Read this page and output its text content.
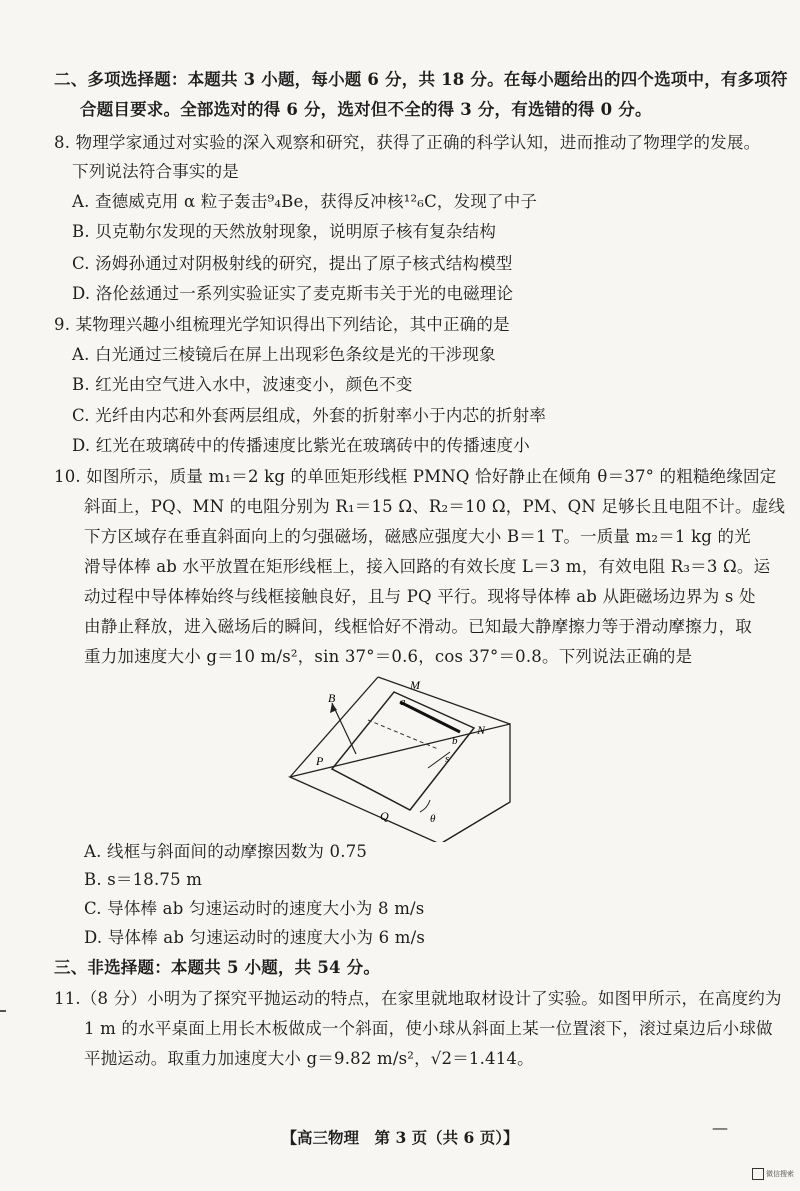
二、多项选择题：本题共 3 小题，每小题 6 分，共 18 分。在每小题给出的四个选项中，有多项符
合题目要求。全部选对的得 6 分，选对但不全的得 3 分，有选错的得 0 分。
8. 物理学家通过对实验的深入观察和研究，获得了正确的科学认知，进而推动了物理学的发展。
下列说法符合事实的是
A. 查德威克用 α 粒子轰击⁹₄Be，获得反冲核¹²₆C，发现了中子
B. 贝克勒尔发现的天然放射现象，说明原子核有复杂结构
C. 汤姆孙通过对阴极射线的研究，提出了原子核式结构模型
D. 洛伦兹通过一系列实验证实了麦克斯韦关于光的电磁理论
9. 某物理兴趣小组梳理光学知识得出下列结论，其中正确的是
A. 白光通过三棱镜后在屏上出现彩色条纹是光的干涉现象
B. 红光由空气进入水中，波速变小，颜色不变
C. 光纤由内芯和外套两层组成，外套的折射率小于内芯的折射率
D. 红光在玻璃砖中的传播速度比紫光在玻璃砖中的传播速度小
10. 如图所示，质量 m₁＝2 kg 的单匝矩形线框 PMNQ 恰好静止在倾角 θ＝37° 的粗糙绝缘固定
斜面上，PQ、MN 的电阻分别为 R₁＝15 Ω、R₂＝10 Ω，PM、QN 足够长且电阻不计。虚线
下方区域存在垂直斜面向上的匀强磁场，磁感应强度大小 B＝1 T。一质量 m₂＝1 kg 的光
滑导体棒 ab 水平放置在矩形线框上，接入回路的有效长度 L＝3 m，有效电阻 R₃＝3 Ω。运
动过程中导体棒始终与线框接触良好，且与 PQ 平行。现将导体棒 ab 从距磁场边界为 s 处
由静止释放，进入磁场后的瞬间，线框恰好不滑动。已知最大静摩擦力等于滑动摩擦力，取
重力加速度大小 g＝10 m/s²，sin 37°＝0.6，cos 37°＝0.8。下列说法正确的是
B
M
a
b
N
P	s
Q	θ
A. 线框与斜面间的动摩擦因数为 0.75
B. s＝18.75 m
C. 导体棒 ab 匀速运动时的速度大小为 8 m/s
D. 导体棒 ab 匀速运动时的速度大小为 6 m/s
三、非选择题：本题共 5 小题，共 54 分。
11.（8 分）小明为了探究平抛运动的特点，在家里就地取材设计了实验。如图甲所示，在高度约为
1 m 的水平桌面上用长木板做成一个斜面，使小球从斜面上某一位置滚下，滚过桌边后小球做
平抛运动。取重力加速度大小 g＝9.82 m/s²，√2＝1.414。
【高三物理　第 3 页（共 6 页）】
—
微信搜索
